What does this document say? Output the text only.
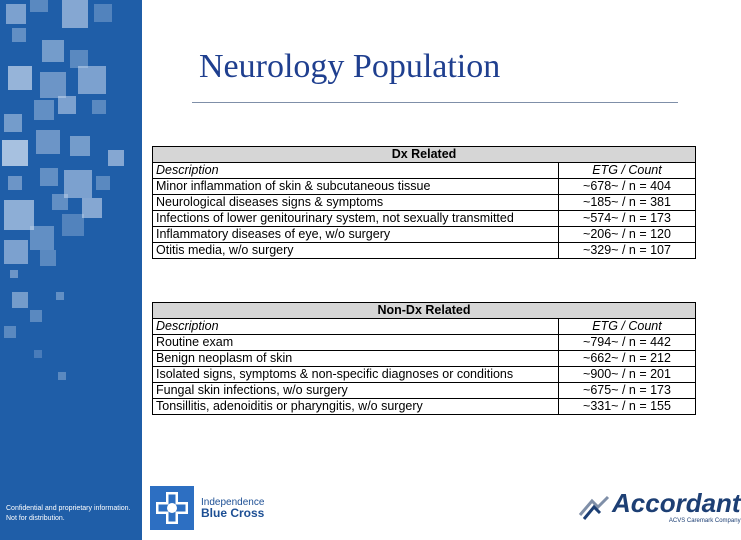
Neurology Population
Dx Related	
Description	ETG / Count
Minor inflammation of skin & subcutaneous tissue	~678~ / n = 404
Neurological diseases signs & symptoms	~185~ / n = 381
Infections of lower genitourinary system, not sexually transmitted	~574~ / n = 173
Inflammatory diseases of eye, w/o surgery	~206~ / n = 120
Otitis media, w/o surgery	~329~ / n = 107
Non-Dx Related	
Description	ETG / Count
Routine exam	~794~ / n = 442
Benign neoplasm of skin	~662~ / n = 212
Isolated signs, symptoms & non-specific diagnoses or conditions	~900~ / n = 201
Fungal skin infections, w/o surgery	~675~ / n = 173
Tonsillitis, adenoiditis or pharyngitis, w/o surgery	~331~ / n = 155
Confidential and proprietary information. Not for distribution.
Independence
Blue Cross	Accordant
ACVS Caremark Company
